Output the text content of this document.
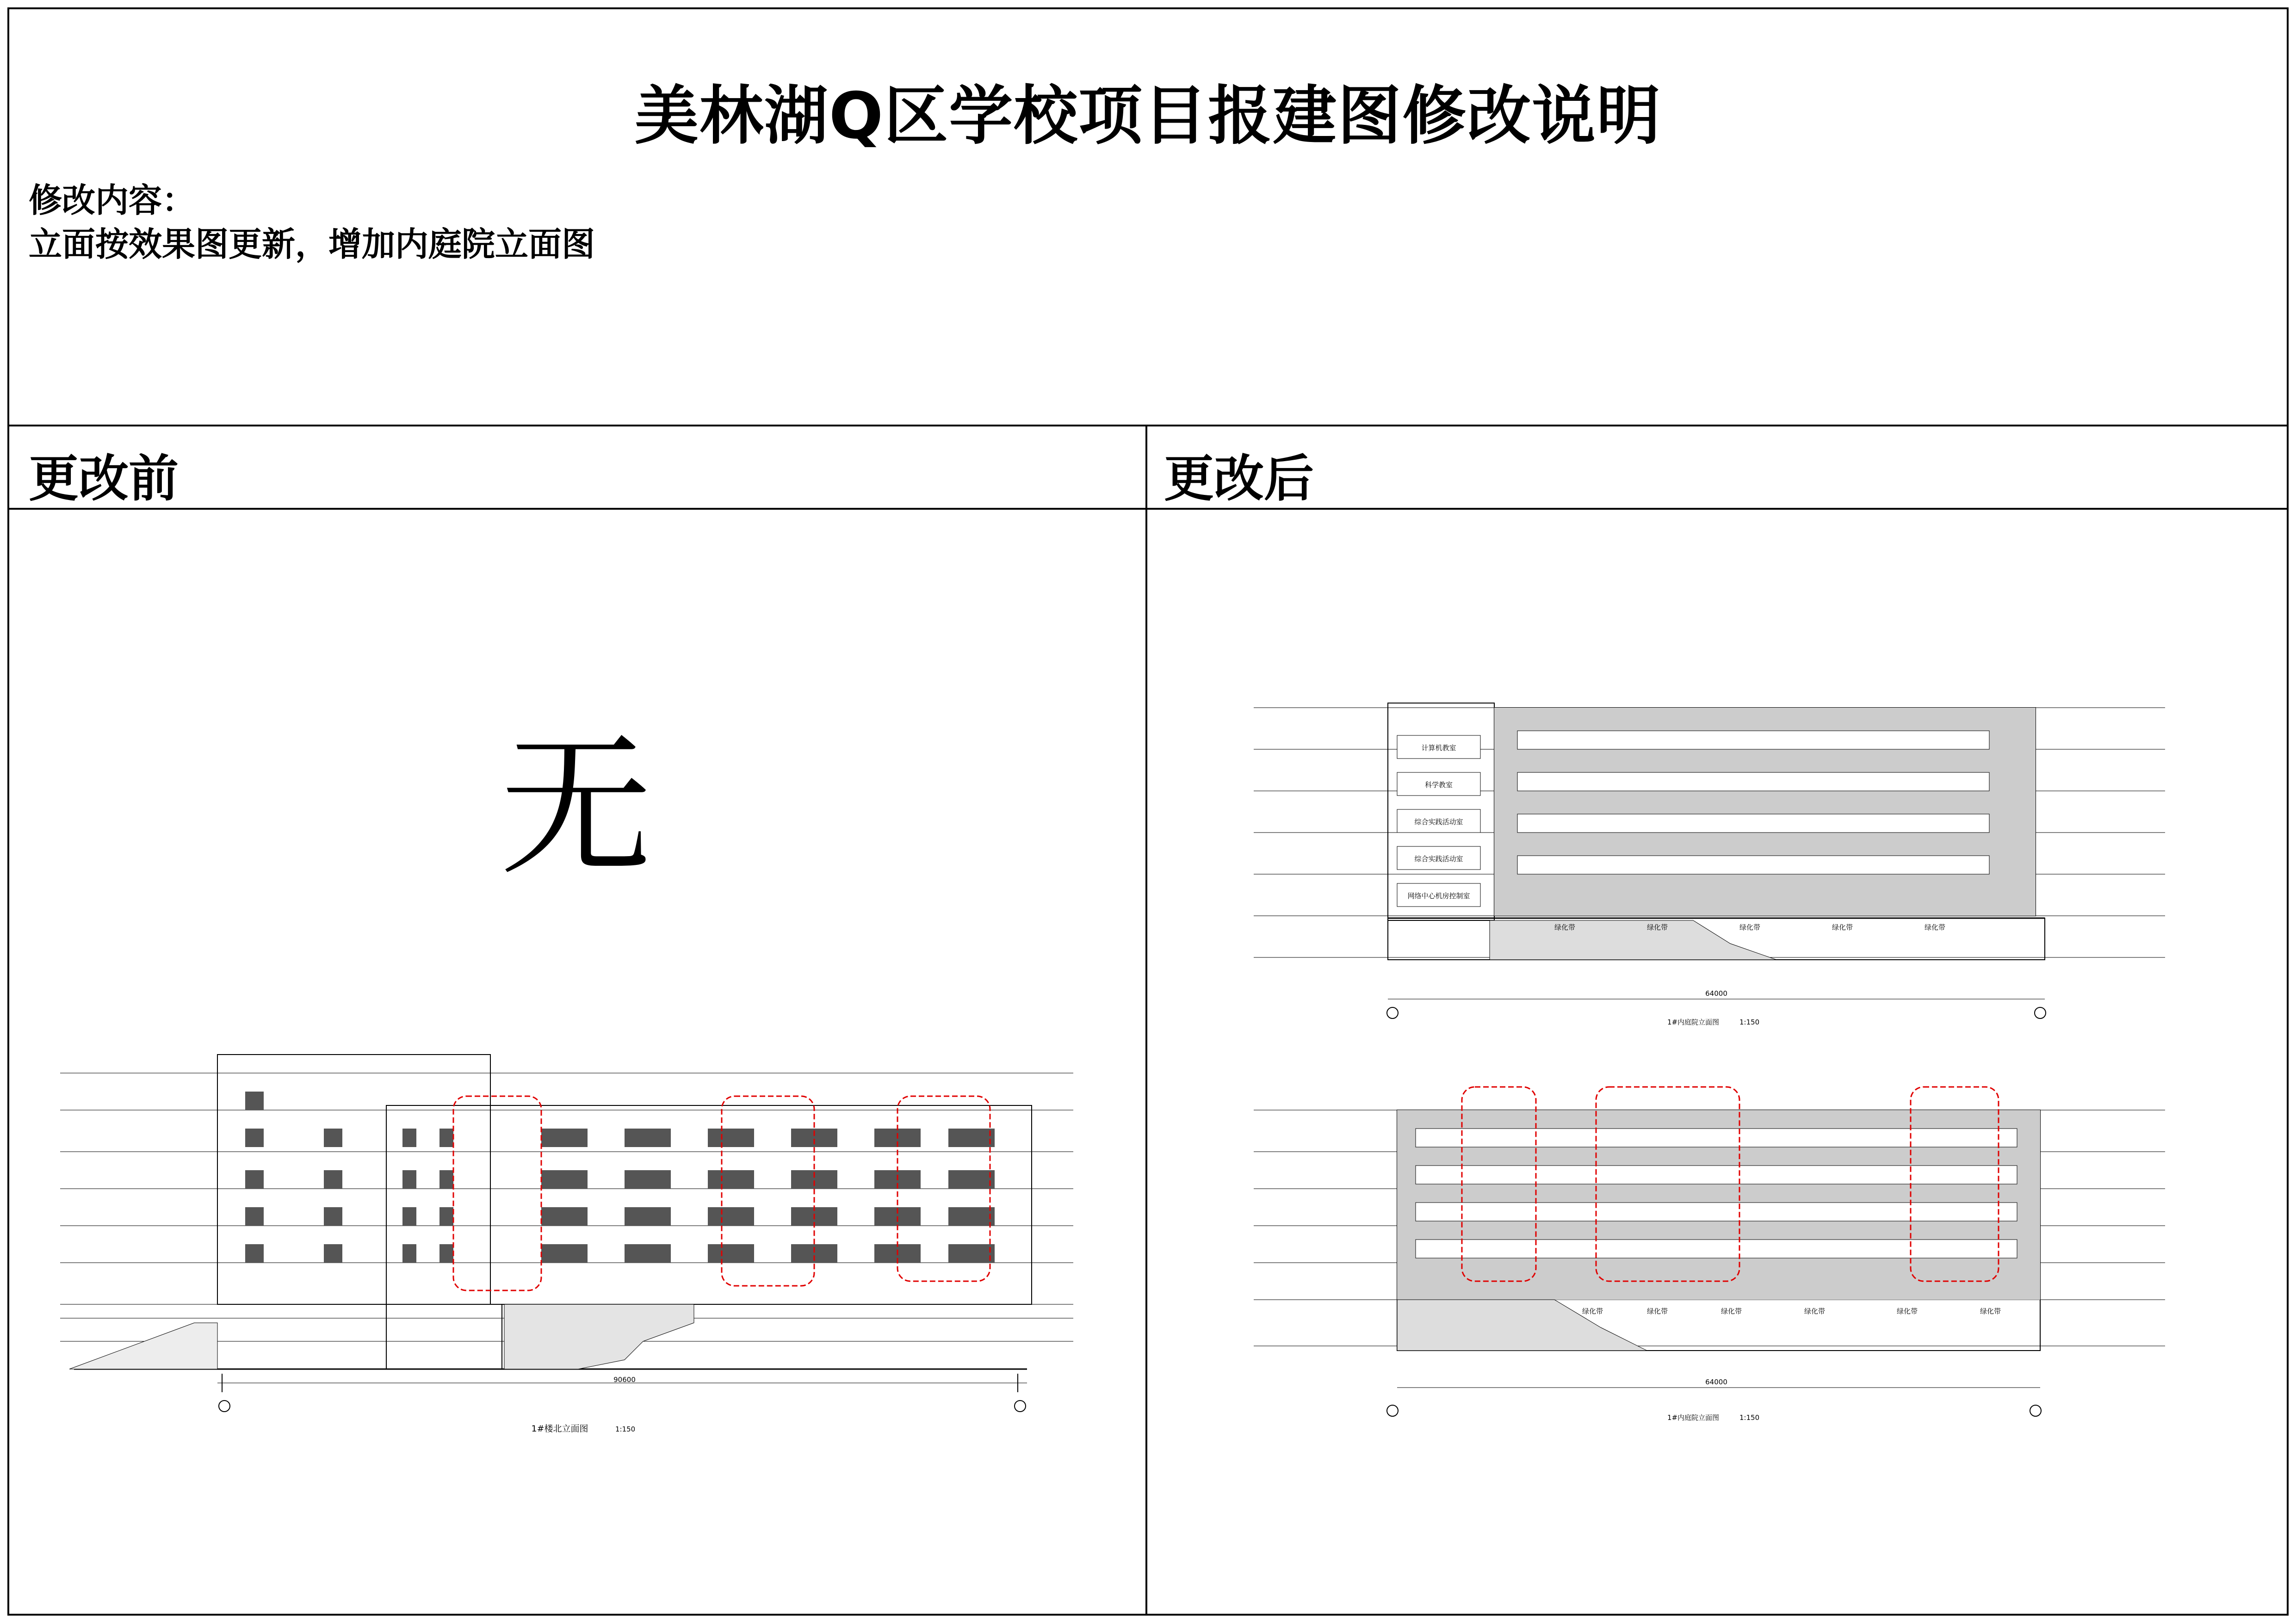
美林湖Q区学校项目报建图修改说明
修改内容：
立面按效果图更新，增加内庭院立面图
更改前	更改后
无
90600
1#楼北立面图	1:150
计算机教室
科学教室
综合实践活动室
综合实践活动室
网络中心机房控制室
绿化带	绿化带	绿化带	绿化带	绿化带
64000
1#内庭院立面图	1:150
绿化带	绿化带	绿化带	绿化带	绿化带	绿化带
64000
1#内庭院立面图	1:150
